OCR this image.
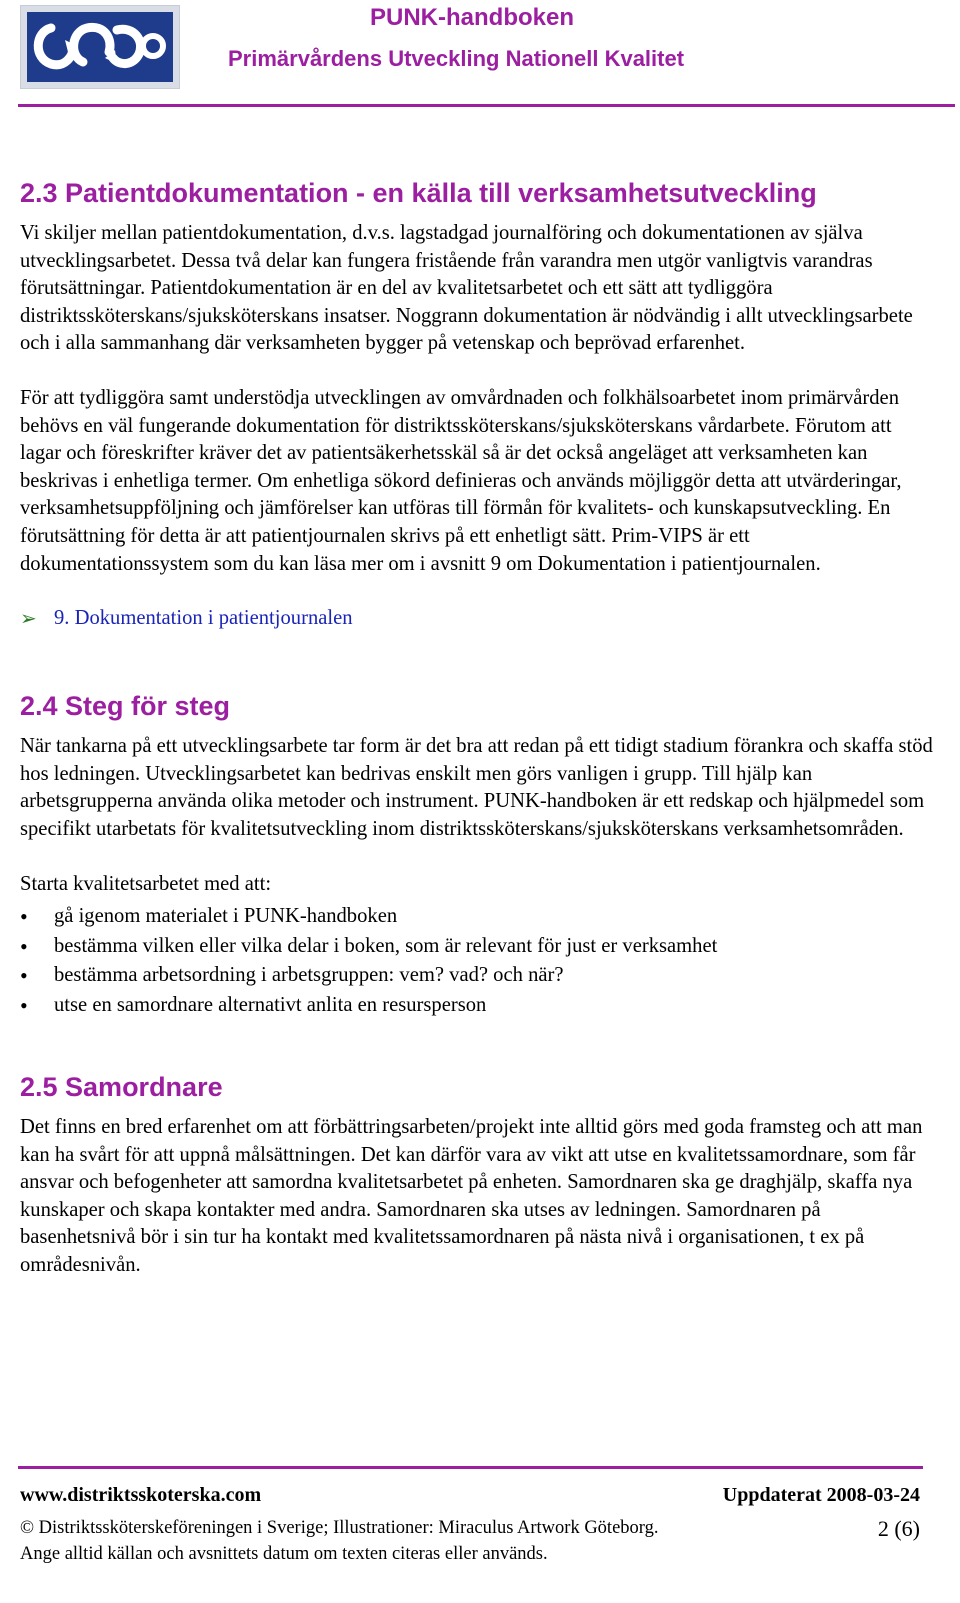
PUNK-handboken
Primärvårdens Utveckling Nationell Kvalitet
2.3 Patientdokumentation - en källa till verksamhetsutveckling

Vi skiljer mellan patientdokumentation, d.v.s. lagstadgad journalföring och dokumentationen av själva utvecklingsarbetet. Dessa två delar kan fungera fristående från varandra men utgör vanligtvis varandras förutsättningar. Patientdokumentation är en del av kvalitetsarbetet och ett sätt att tydliggöra distriktssköterskans/sjuksköterskans insatser. Noggrann dokumentation är nödvändig i allt utvecklingsarbete och i alla sammanhang där verksamheten bygger på vetenskap och beprövad erfarenhet.

För att tydliggöra samt understödja utvecklingen av omvårdnaden och folkhälsoarbetet inom primärvården behövs en väl fungerande dokumentation för distriktssköterskans/sjuksköterskans vårdarbete. Förutom att lagar och föreskrifter kräver det av patientsäkerhetsskäl så är det också angeläget att verksamheten kan beskrivas i enhetliga termer. Om enhetliga sökord definieras och används möjliggör detta att utvärderingar, verksamhetsuppföljning och jämförelser kan utföras till förmån för kvalitets- och kunskapsutveckling. En förutsättning för detta är att patientjournalen skrivs på ett enhetligt sätt. Prim-VIPS är ett dokumentationssystem som du kan läsa mer om i avsnitt 9 om Dokumentation i patientjournalen.

➢ 9. Dokumentation i patientjournalen
2.4 Steg för steg

När tankarna på ett utvecklingsarbete tar form är det bra att redan på ett tidigt stadium förankra och skaffa stöd hos ledningen. Utvecklingsarbetet kan bedrivas enskilt men görs vanligen i grupp. Till hjälp kan arbetsgrupperna använda olika metoder och instrument. PUNK-handboken är ett redskap och hjälpmedel som specifikt utarbetats för kvalitetsutveckling inom distriktssköterskans/sjuksköterskans verksamhetsområden.

Starta kvalitetsarbetet med att:

•	gå igenom materialet i PUNK-handboken
•	bestämma vilken eller vilka delar i boken, som är relevant för just er verksamhet
•	bestämma arbetsordning i arbetsgruppen: vem? vad? och när?
•	utse en samordnare alternativt anlita en resursperson
2.5 Samordnare

Det finns en bred erfarenhet om att förbättringsarbeten/projekt inte alltid görs med goda framsteg och att man kan ha svårt för att uppnå målsättningen. Det kan därför vara av vikt att utse en kvalitetssamordnare, som får ansvar och befogenheter att samordna kvalitetsarbetet på enheten. Samordnaren ska ge draghjälp, skaffa nya kunskaper och skapa kontakter med andra. Samordnaren ska utses av ledningen. Samordnaren på basenhetsnivå bör i sin tur ha kontakt med kvalitetssamordnaren på nästa nivå i organisationen, t ex på områdesnivån.

www.distriktsskoterska.com	Uppdaterat 2008-03-24
© Distriktssköterskeföreningen i Sverige; Illustrationer: Miraculus Artwork Göteborg.	2 (6)
Ange alltid källan och avsnittets datum om texten citeras eller används.
